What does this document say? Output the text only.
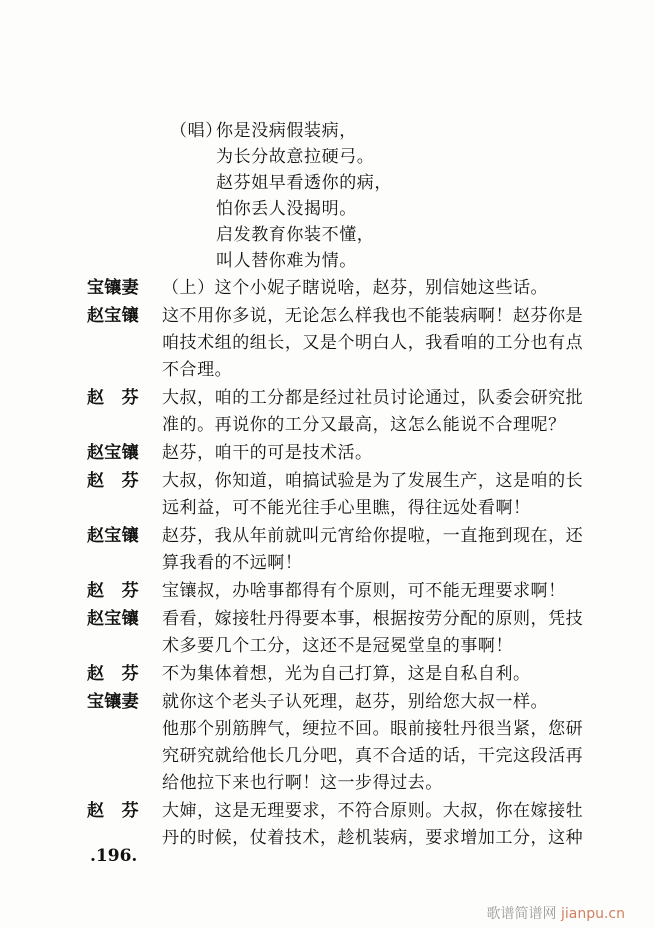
（唱）你是没病假装病，
为长分故意拉硬弓。
赵芬姐早看透你的病，
怕你丢人没揭明。
启发教育你装不懂，
叫人替你难为情。
宝镶妻	（上）这个小妮子瞎说啥，赵芬，别信她这些话。
赵宝镶	这不用你多说，无论怎么样我也不能装病啊！赵芬你是
咱技术组的组长，又是个明白人，我看咱的工分也有点
不合理。
赵　芬	大叔，咱的工分都是经过社员讨论通过，队委会研究批
准的。再说你的工分又最高，这怎么能说不合理呢？
赵宝镶	赵芬，咱干的可是技术活。
赵　芬	大叔，你知道，咱搞试验是为了发展生产，这是咱的长
远利益，可不能光往手心里瞧，得往远处看啊！
赵宝镶	赵芬，我从年前就叫元宵给你提啦，一直拖到现在，还
算我看的不远啊！
赵　芬	宝镶叔，办啥事都得有个原则，可不能无理要求啊！
赵宝镶	看看，嫁接牡丹得要本事，根据按劳分配的原则，凭技
术多要几个工分，这还不是冠冕堂皇的事啊！
赵　芬	不为集体着想，光为自己打算，这是自私自利。
宝镶妻	就你这个老头子认死理，赵芬，别给您大叔一样。
他那个别筋脾气，绠拉不回。眼前接牡丹很当紧，您研
究研究就给他长几分吧，真不合适的话，干完这段活再
给他拉下来也行啊！这一步得过去。
赵　芬	大婶，这是无理要求，不符合原则。大叔，你在嫁接牡
丹的时候，仗着技术，趁机装病，要求增加工分，这种
.196.
歌谱简谱网 jianpu.cn
